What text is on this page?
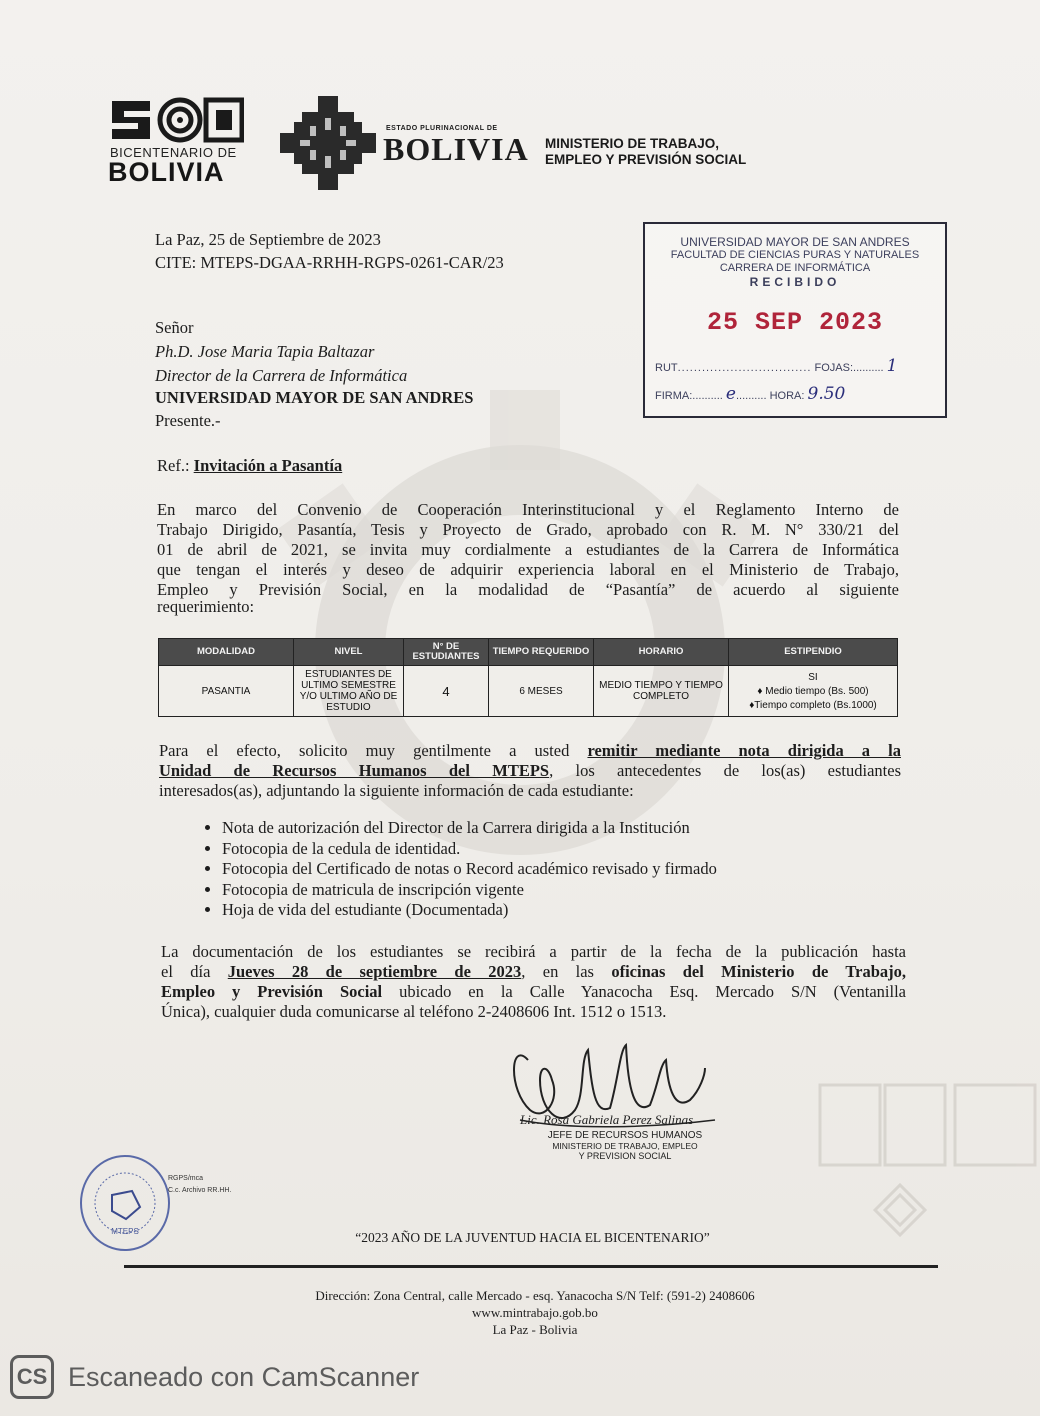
BICENTENARIO DE
BOLIVIA
ESTADO PLURINACIONAL DE
BOLIVIA MINISTERIO DE TRABAJO,
EMPLEO Y PREVISIÓN SOCIAL
La Paz, 25 de Septiembre de 2023
CITE: MTEPS-DGAA-RRHH-RGPS-0261-CAR/23
UNIVERSIDAD MAYOR DE SAN ANDRES
FACULTAD DE CIENCIAS PURAS Y NATURALES
CARRERA DE INFORMÁTICA
RECIBIDO
25 SEP 2023
RUT................................. FOJAS:.......... 1
FIRMA:.......... e.......... HORA: 9.50
Señor
Ph.D. Jose Maria Tapia Baltazar
Director de la Carrera de Informática
UNIVERSIDAD MAYOR DE SAN ANDRES
Presente.-
Ref.: Invitación a Pasantía
En marco del Convenio de Cooperación Interinstitucional y el Reglamento Interno de
Trabajo Dirigido, Pasantía, Tesis y Proyecto de Grado, aprobado con R. M. N° 330/21 del
01 de abril de 2021, se invita muy cordialmente a estudiantes de la Carrera de Informática
que tengan el interés y deseo de adquirir experiencia laboral en el Ministerio de Trabajo,
Empleo y Previsión Social, en la modalidad de “Pasantía” de acuerdo al siguiente
requerimiento:
MODALIDAD	NIVEL	N° DE ESTUDIANTES	TIEMPO REQUERIDO	HORARIO	ESTIPENDIO
PASANTIA	ESTUDIANTES DE ULTIMO SEMESTRE Y/O ULTIMO AÑO DE ESTUDIO	4	6 MESES	MEDIO TIEMPO Y TIEMPO COMPLETO	SI
♦ Medio tiempo (Bs. 500)
♦Tiempo completo (Bs.1000)
Para el efecto, solicito muy gentilmente a usted remitir mediante nota dirigida a la
Unidad de Recursos Humanos del MTEPS, los antecedentes de los(as) estudiantes
interesados(as), adjuntando la siguiente información de cada estudiante:
• Nota de autorización del Director de la Carrera dirigida a la Institución
• Fotocopia de la cedula de identidad.
• Fotocopia del Certificado de notas o Record académico revisado y firmado
• Fotocopia de matricula de inscripción vigente
• Hoja de vida del estudiante (Documentada)
La documentación de los estudiantes se recibirá a partir de la fecha de la publicación hasta
el día Jueves 28 de septiembre de 2023, en las oficinas del Ministerio de Trabajo,
Empleo y Previsión Social ubicado en la Calle Yanacocha Esq. Mercado S/N (Ventanilla
Única), cualquier duda comunicarse al teléfono 2-2408606 Int. 1512 o 1513.
Lic. Rosa Gabriela Perez Salinas
JEFE DE RECURSOS HUMANOS
MINISTERIO DE TRABAJO, EMPLEO
Y PREVISION SOCIAL
MTEPS
RGPS/mca
C.c. Archivo RR.HH.
“2023 AÑO DE LA JUVENTUD HACIA EL BICENTENARIO”
Dirección: Zona Central, calle Mercado - esq. Yanacocha S/N Telf: (591-2) 2408606
www.mintrabajo.gob.bo
La Paz - Bolivia
CS Escaneado con CamScanner
